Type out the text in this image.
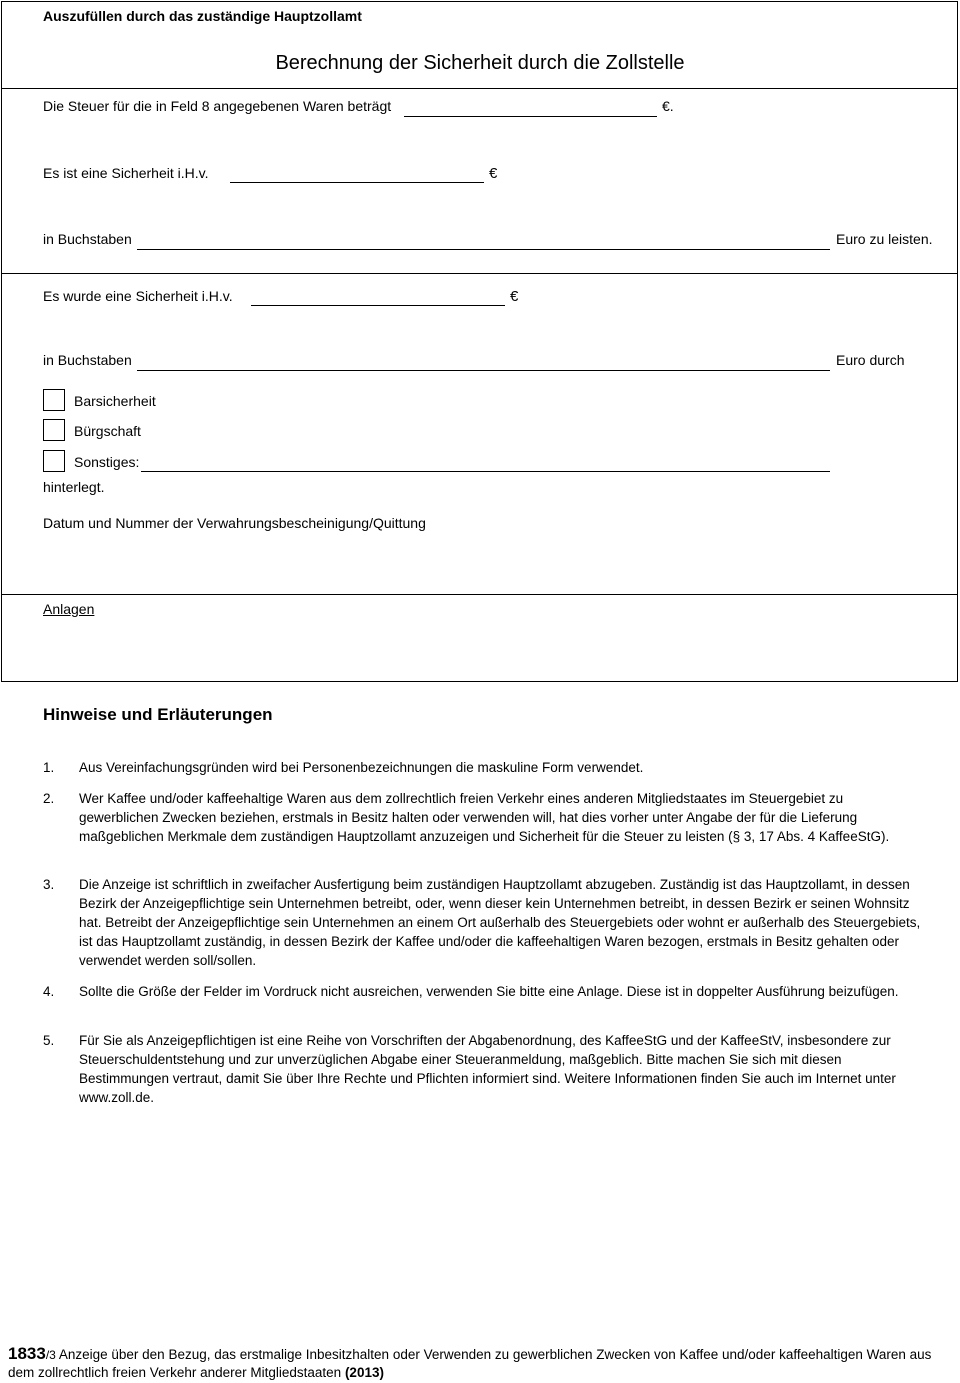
Auszufüllen durch das zuständige Hauptzollamt
Berechnung der Sicherheit durch die Zollstelle
Die Steuer für die in Feld 8 angegebenen Waren beträgt	€.
Es ist eine Sicherheit i.H.v.	€
in Buchstaben	Euro zu leisten.
Es wurde eine Sicherheit i.H.v.	€
in Buchstaben	Euro durch
Barsicherheit
Bürgschaft
Sonstiges:
hinterlegt.
Datum und Nummer der Verwahrungsbescheinigung/Quittung
Anlagen
Hinweise und Erläuterungen
1. Aus Vereinfachungsgründen wird bei Personenbezeichnungen die maskuline Form verwendet.
2. Wer Kaffee und/oder kaffeehaltige Waren aus dem zollrechtlich freien Verkehr eines anderen Mitgliedstaates im Steuergebiet zu gewerblichen Zwecken beziehen, erstmals in Besitz halten oder verwenden will, hat dies vorher unter Angabe der für die Lieferung maßgeblichen Merkmale dem zuständigen Hauptzollamt anzuzeigen und Sicherheit für die Steuer zu leisten (§ 3, 17 Abs. 4 KaffeeStG).
3. Die Anzeige ist schriftlich in zweifacher Ausfertigung beim zuständigen Hauptzollamt abzugeben. Zuständig ist das Hauptzollamt, in dessen Bezirk der Anzeigepflichtige sein Unternehmen betreibt, oder, wenn dieser kein Unternehmen betreibt, in dessen Bezirk er seinen Wohnsitz hat. Betreibt der Anzeigepflichtige sein Unternehmen an einem Ort außerhalb des Steuergebiets oder wohnt er außerhalb des Steuergebiets, ist das Hauptzollamt zuständig, in dessen Bezirk der Kaffee und/oder die kaffeehaltigen Waren bezogen, erstmals in Besitz gehalten oder verwendet werden soll/sollen.
4. Sollte die Größe der Felder im Vordruck nicht ausreichen, verwenden Sie bitte eine Anlage. Diese ist in doppelter Ausführung beizufügen.
5. Für Sie als Anzeigepflichtigen ist eine Reihe von Vorschriften der Abgabenordnung, des KaffeeStG und der KaffeeStV, insbesondere zur Steuerschuldentstehung und zur unverzüglichen Abgabe einer Steueranmeldung, maßgeblich. Bitte machen Sie sich mit diesen Bestimmungen vertraut, damit Sie über Ihre Rechte und Pflichten informiert sind. Weitere Informationen finden Sie auch im Internet unter www.zoll.de.
1833/3 Anzeige über den Bezug, das erstmalige Inbesitzhalten oder Verwenden zu gewerblichen Zwecken von Kaffee und/oder kaffeehaltigen Waren aus dem zollrechtlich freien Verkehr anderer Mitgliedstaaten (2013)
